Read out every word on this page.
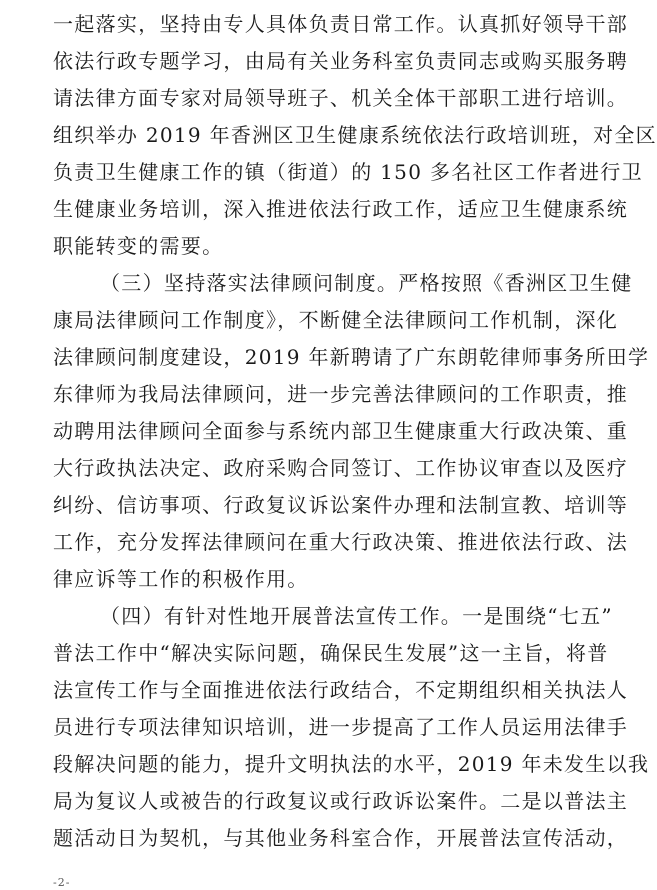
一起落实，坚持由专人具体负责日常工作。认真抓好领导干部
依法行政专题学习，由局有关业务科室负责同志或购买服务聘
请法律方面专家对局领导班子、机关全体干部职工进行培训。
组织举办 2019 年香洲区卫生健康系统依法行政培训班，对全区
负责卫生健康工作的镇（街道）的 150 多名社区工作者进行卫
生健康业务培训，深入推进依法行政工作，适应卫生健康系统
职能转变的需要。
（三）坚持落实法律顾问制度。严格按照《香洲区卫生健
康局法律顾问工作制度》，不断健全法律顾问工作机制，深化
法律顾问制度建设，2019 年新聘请了广东朗乾律师事务所田学
东律师为我局法律顾问，进一步完善法律顾问的工作职责，推
动聘用法律顾问全面参与系统内部卫生健康重大行政决策、重
大行政执法决定、政府采购合同签订、工作协议审查以及医疗
纠纷、信访事项、行政复议诉讼案件办理和法制宣教、培训等
工作，充分发挥法律顾问在重大行政决策、推进依法行政、法
律应诉等工作的积极作用。
（四）有针对性地开展普法宣传工作。一是围绕“七五”
普法工作中“解决实际问题，确保民生发展”这一主旨，将普
法宣传工作与全面推进依法行政结合，不定期组织相关执法人
员进行专项法律知识培训，进一步提高了工作人员运用法律手
段解决问题的能力，提升文明执法的水平，2019 年未发生以我
局为复议人或被告的行政复议或行政诉讼案件。二是以普法主
题活动日为契机，与其他业务科室合作，开展普法宣传活动，
-2-
